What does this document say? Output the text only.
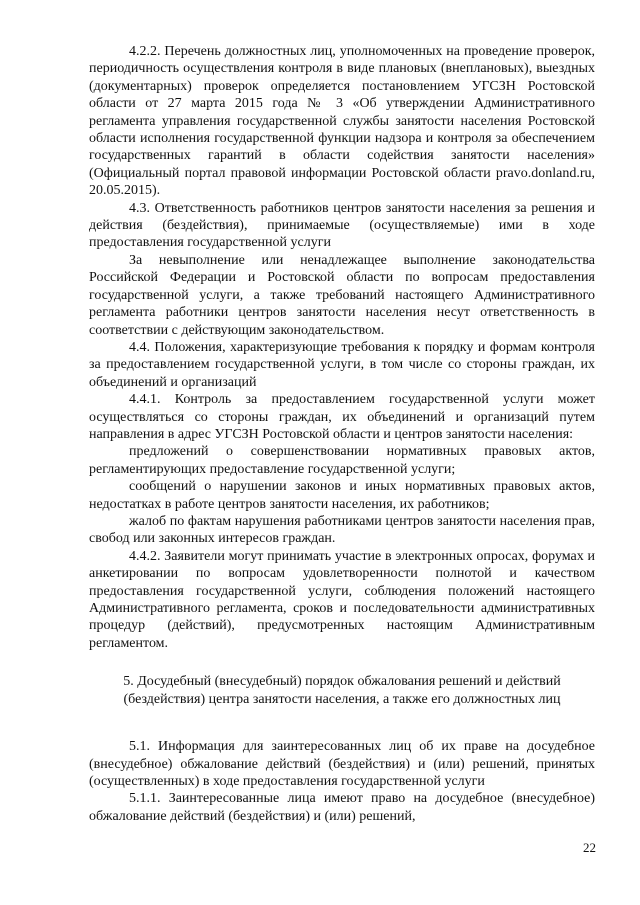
4.2.2. Перечень должностных лиц, уполномоченных на проведение проверок, периодичность осуществления контроля в виде плановых (внеплановых), выездных (документарных) проверок определяется постановлением УГСЗН Ростовской области от 27 марта 2015 года № 3 «Об утверждении Административного регламента управления государственной службы занятости населения Ростовской области исполнения государственной функции надзора и контроля за обеспечением государственных гарантий в области содействия занятости населения» (Официальный портал правовой информации Ростовской области pravo.donland.ru, 20.05.2015).

4.3. Ответственность работников центров занятости населения за решения и действия (бездействия), принимаемые (осуществляемые) ими в ходе предоставления государственной услуги

За невыполнение или ненадлежащее выполнение законодательства Российской Федерации и Ростовской области по вопросам предоставления государственной услуги, а также требований настоящего Административного регламента работники центров занятости населения несут ответственность в соответствии с действующим законодательством.

4.4. Положения, характеризующие требования к порядку и формам контроля за предоставлением государственной услуги, в том числе со стороны граждан, их объединений и организаций

4.4.1. Контроль за предоставлением государственной услуги может осуществляться со стороны граждан, их объединений и организаций путем направления в адрес УГСЗН Ростовской области и центров занятости населения:

предложений о совершенствовании нормативных правовых актов, регламентирующих предоставление государственной услуги;

сообщений о нарушении законов и иных нормативных правовых актов, недостатках в работе центров занятости населения, их работников;

жалоб по фактам нарушения работниками центров занятости населения прав, свобод или законных интересов граждан.

4.4.2. Заявители могут принимать участие в электронных опросах, форумах и анкетировании по вопросам удовлетворенности полнотой и качеством предоставления государственной услуги, соблюдения положений настоящего Административного регламента, сроков и последовательности административных процедур (действий), предусмотренных настоящим Административным регламентом.

5. Досудебный (внесудебный) порядок обжалования решений и действий
(бездействия) центра занятости населения, а также его должностных лиц

5.1. Информация для заинтересованных лиц об их праве на досудебное (внесудебное) обжалование действий (бездействия) и (или) решений, принятых (осуществленных) в ходе предоставления государственной услуги

5.1.1. Заинтересованные лица имеют право на досудебное (внесудебное) обжалование действий (бездействия) и (или) решений,

22
